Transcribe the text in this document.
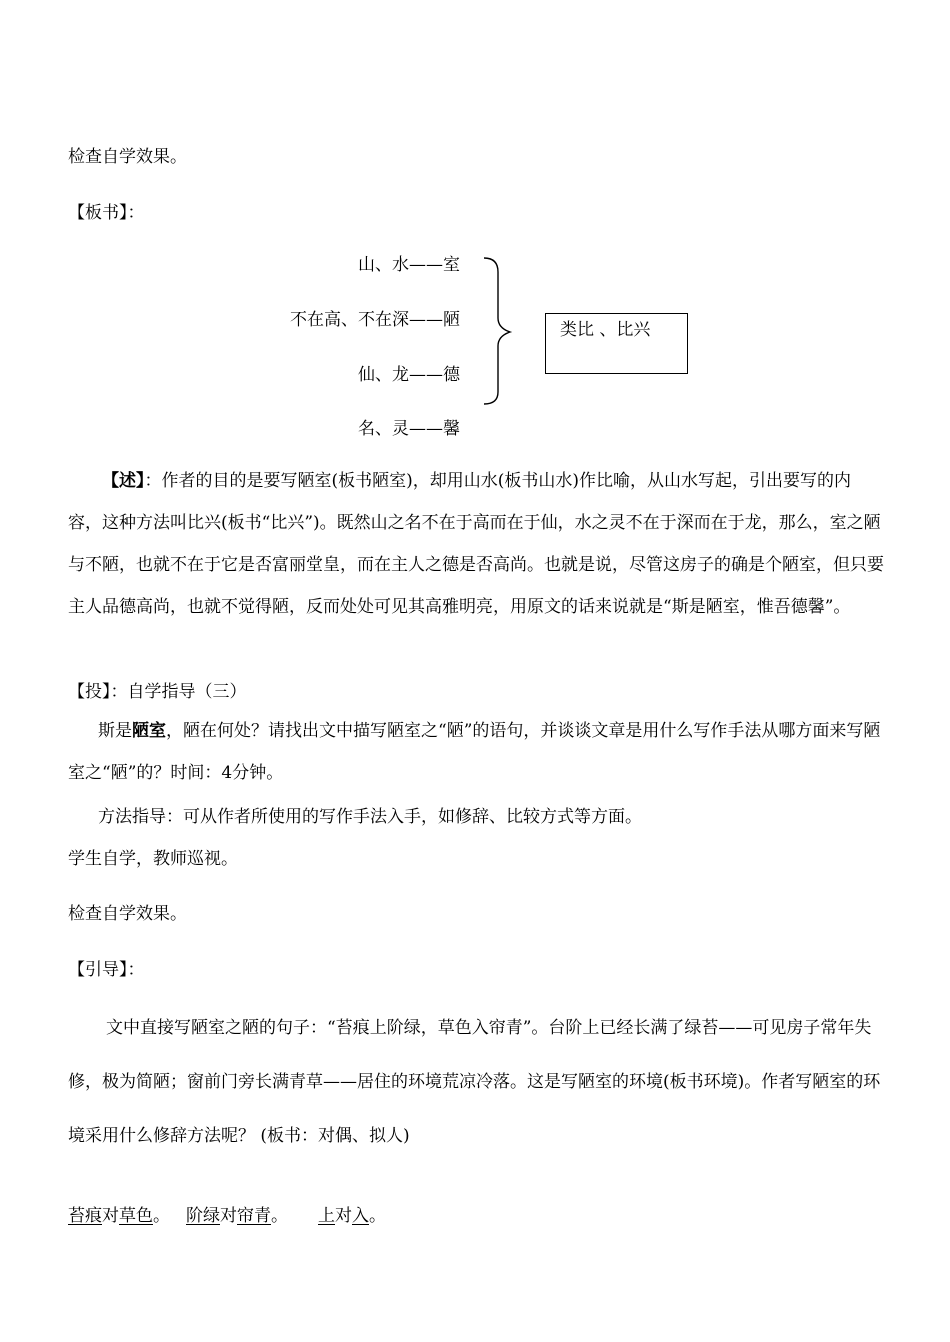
检查自学效果。
【板书】：
山、水——室
不在高、不在深——陋
仙、龙——德
名、灵——馨
类比 、比兴
【述】：作者的目的是要写陋室(板书陋室)，却用山水(板书山水)作比喻，从山水写起，引出要写的内容，这种方法叫比兴(板书“比兴”)。既然山之名不在于高而在于仙，水之灵不在于深而在于龙，那么，室之陋与不陋，也就不在于它是否富丽堂皇，而在主人之德是否高尚。也就是说，尽管这房子的确是个陋室，但只要主人品德高尚，也就不觉得陋，反而处处可见其高雅明亮，用原文的话来说就是“斯是陋室，惟吾德馨”。
【投】：自学指导（三）
斯是陋室，陋在何处？请找出文中描写陋室之“陋”的语句，并谈谈文章是用什么写作手法从哪方面来写陋室之“陋”的？时间：4分钟。
方法指导：可从作者所使用的写作手法入手，如修辞、比较方式等方面。
学生自学，教师巡视。
检查自学效果。
【引导】：
文中直接写陋室之陋的句子：“苔痕上阶绿，草色入帘青”。台阶上已经长满了绿苔——可见房子常年失修，极为简陋；窗前门旁长满青草——居住的环境荒凉冷落。这是写陋室的环境(板书环境)。作者写陋室的环境采用什么修辞方法呢？ (板书：对偶、拟人)
苔痕对草色。 阶绿对帘青。 上对入。
